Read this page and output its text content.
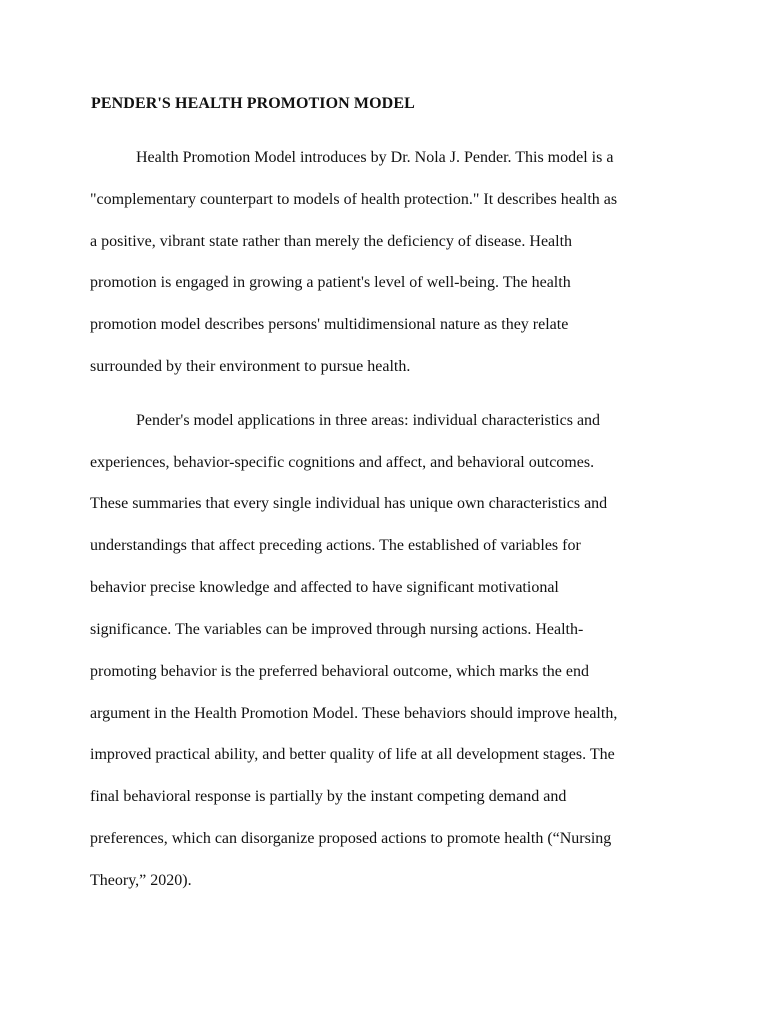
PENDER'S HEALTH PROMOTION MODEL

Health Promotion Model introduces by Dr. Nola J. Pender. This model is a

"complementary counterpart to models of health protection." It describes health as

a positive, vibrant state rather than merely the deficiency of disease. Health

promotion is engaged in growing a patient's level of well-being. The health

promotion model describes persons' multidimensional nature as they relate

surrounded by their environment to pursue health.

Pender's model applications in three areas: individual characteristics and

experiences, behavior-specific cognitions and affect, and behavioral outcomes.

These summaries that every single individual has unique own characteristics and

understandings that affect preceding actions. The established of variables for

behavior precise knowledge and affected to have significant motivational

significance. The variables can be improved through nursing actions. Health-

promoting behavior is the preferred behavioral outcome, which marks the end

argument in the Health Promotion Model. These behaviors should improve health,

improved practical ability, and better quality of life at all development stages. The

final behavioral response is partially by the instant competing demand and

preferences, which can disorganize proposed actions to promote health (“Nursing

Theory,” 2020).
